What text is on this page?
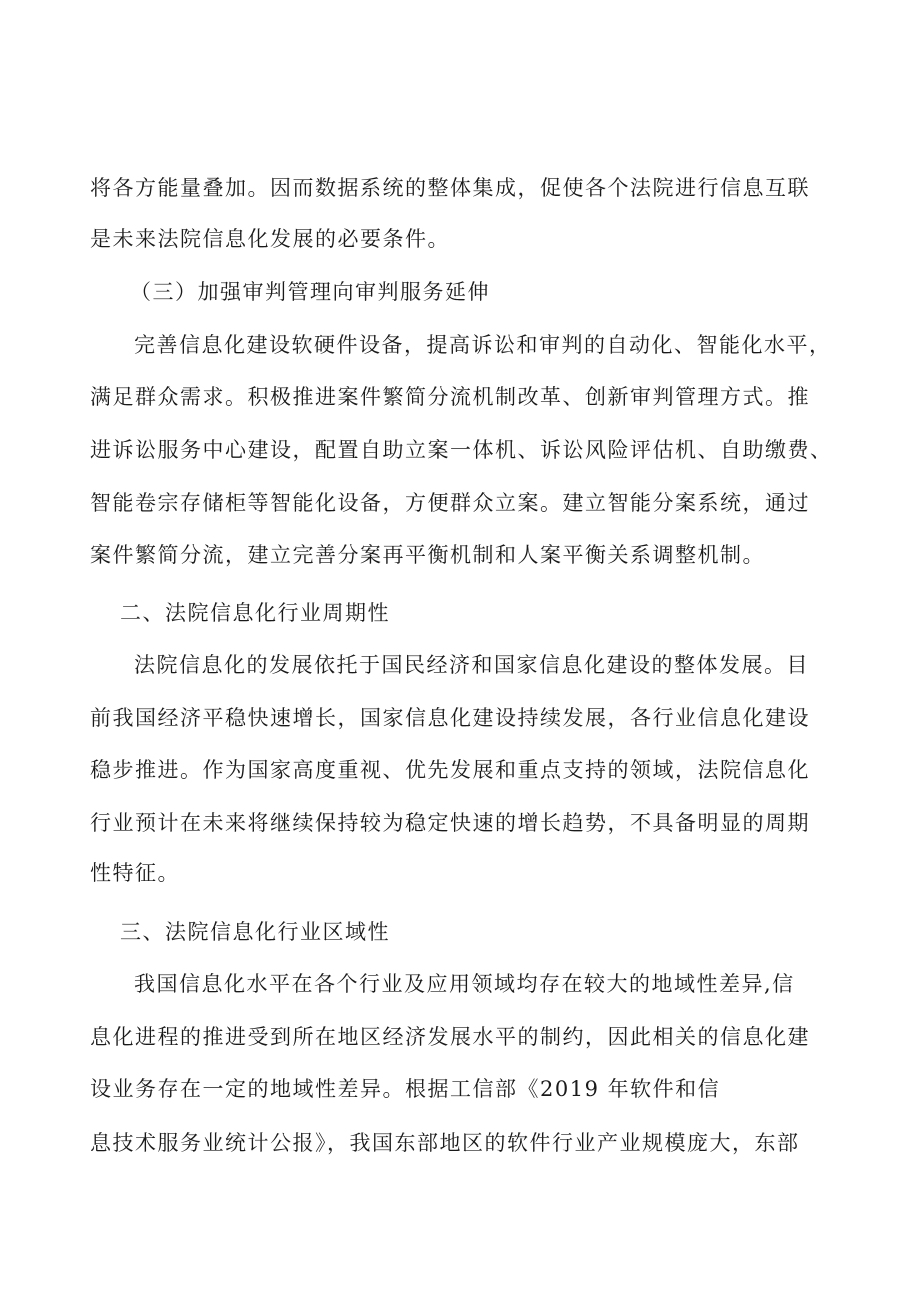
将各方能量叠加。因而数据系统的整体集成，促使各个法院进行信息互联
是未来法院信息化发展的必要条件。
（三）加强审判管理向审判服务延伸
完善信息化建设软硬件设备，提高诉讼和审判的自动化、智能化水平，
满足群众需求。积极推进案件繁简分流机制改革、创新审判管理方式。推
进诉讼服务中心建设，配置自助立案一体机、诉讼风险评估机、自助缴费、
智能卷宗存储柜等智能化设备，方便群众立案。建立智能分案系统，通过
案件繁简分流，建立完善分案再平衡机制和人案平衡关系调整机制。
二、法院信息化行业周期性
法院信息化的发展依托于国民经济和国家信息化建设的整体发展。目
前我国经济平稳快速增长，国家信息化建设持续发展，各行业信息化建设
稳步推进。作为国家高度重视、优先发展和重点支持的领域，法院信息化
行业预计在未来将继续保持较为稳定快速的增长趋势，不具备明显的周期
性特征。
三、法院信息化行业区域性
我国信息化水平在各个行业及应用领域均存在较大的地域性差异,信
息化进程的推进受到所在地区经济发展水平的制约，因此相关的信息化建
设业务存在一定的地域性差异。根据工信部《2019 年软件和信
息技术服务业统计公报》，我国东部地区的软件行业产业规模庞大，东部
